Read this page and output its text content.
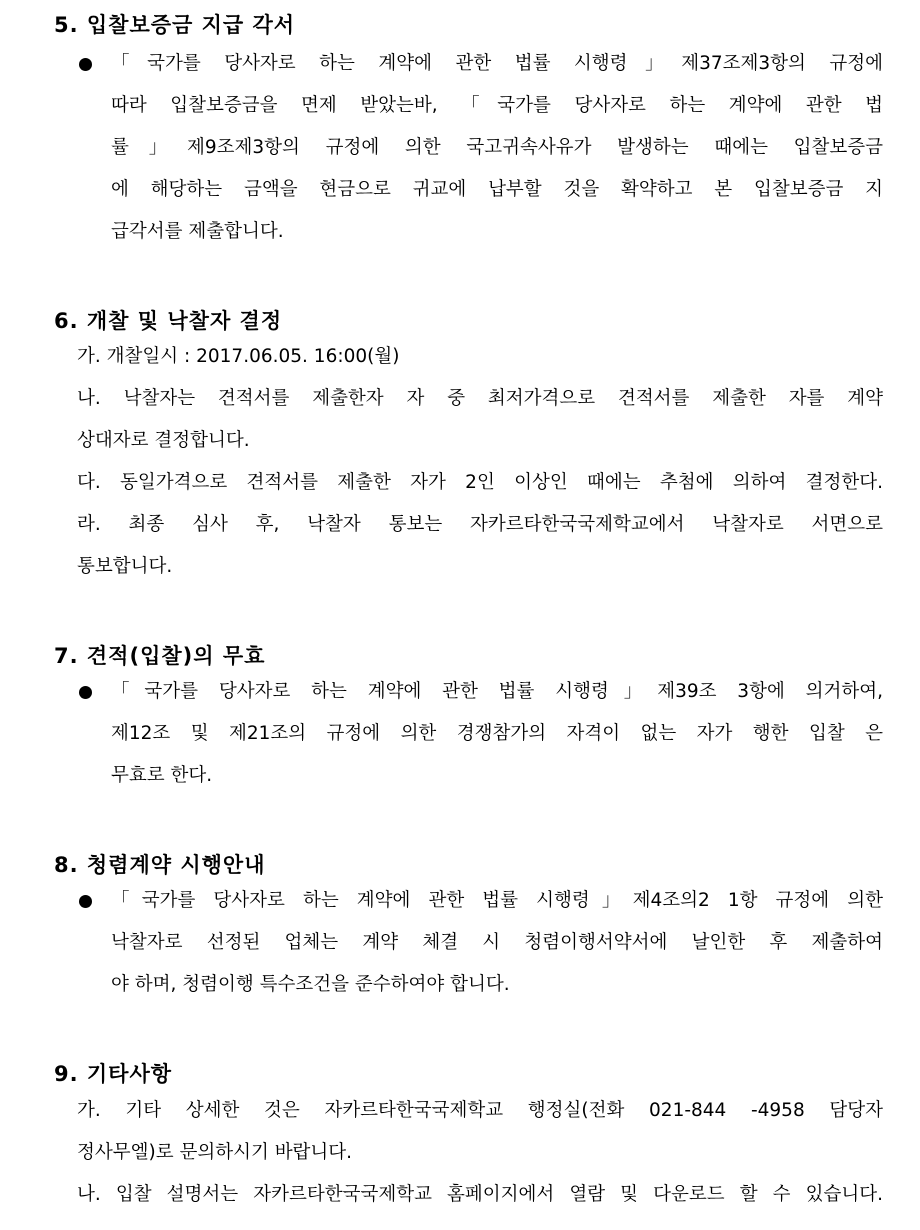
5. 입찰보증금 지급 각서
「국가를 당사자로 하는 계약에 관한 법률 시행령」제37조제3항의 규정에
따라 입찰보증금을 면제 받았는바, 「국가를 당사자로 하는 계약에 관한 법
률」제9조제3항의 규정에 의한 국고귀속사유가 발생하는 때에는 입찰보증금
에 해당하는 금액을 현금으로 귀교에 납부할 것을 확약하고 본 입찰보증금 지
급각서를 제출합니다.
6. 개찰 및 낙찰자 결정
가. 개찰일시 : 2017.06.05. 16:00(월)
나. 낙찰자는 견적서를 제출한자 자 중 최저가격으로 견적서를 제출한 자를 계약
상대자로 결정합니다.
다. 동일가격으로 견적서를 제출한 자가 2인 이상인 때에는 추첨에 의하여 결정한다.
라. 최종 심사 후, 낙찰자 통보는 자카르타한국국제학교에서 낙찰자로 서면으로
통보합니다.
7. 견적(입찰)의 무효
「국가를 당사자로 하는 계약에 관한 법률 시행령」제39조 3항에 의거하여,
제12조 및 제21조의 규정에 의한 경쟁참가의 자격이 없는 자가 행한 입찰 은
무효로 한다.
8. 청렴계약 시행안내
「국가를 당사자로 하는 계약에 관한 법률 시행령」제4조의2 1항 규정에 의한
낙찰자로 선정된 업체는 계약 체결 시 청렴이행서약서에 날인한 후 제출하여
야 하며, 청렴이행 특수조건을 준수하여야 합니다.
9. 기타사항
가. 기타 상세한 것은 자카르타한국국제학교 행정실(전화 021-844 -4958 담당자
정사무엘)로 문의하시기 바랍니다.
나. 입찰 설명서는 자카르타한국국제학교 홈페이지에서 열람 및 다운로드 할 수 있습니다.
